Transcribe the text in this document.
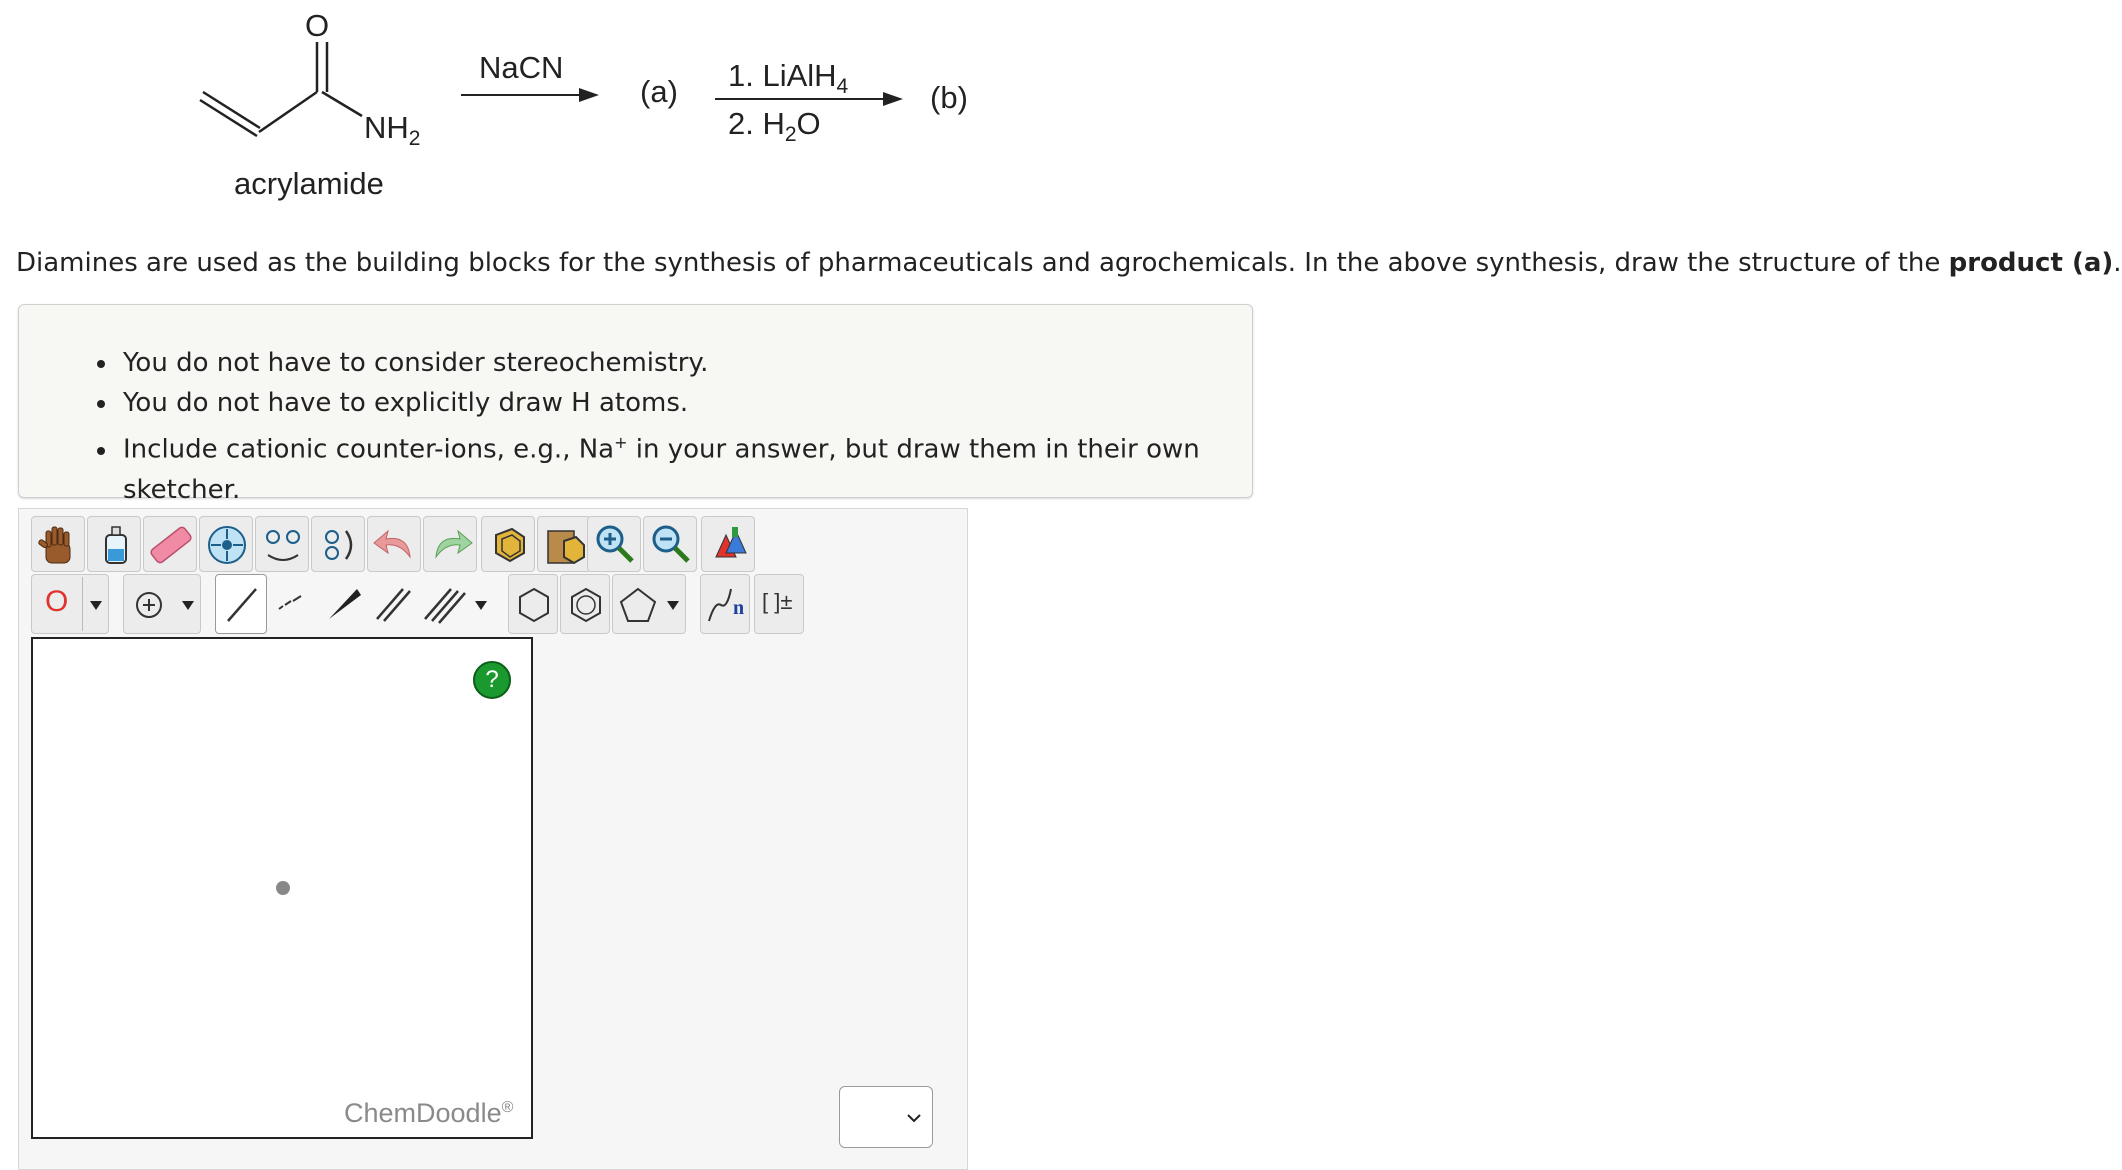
O
$NH_2$
acrylamide
NaCN
(a) 1. LiAlH$_4$
2. $H_2O$
(b)
Diamines are used as the building blocks for the synthesis of pharmaceuticals and agrochemicals. In the above synthesis, draw the structure of the product (a).
• You do not have to consider stereochemistry.
• You do not have to explicitly draw H atoms.
• Include cationic counter-ions, e.g., Na+ in your answer, but draw them in their own sketcher.
O	n [ ]±
?
ChemDoodle®
